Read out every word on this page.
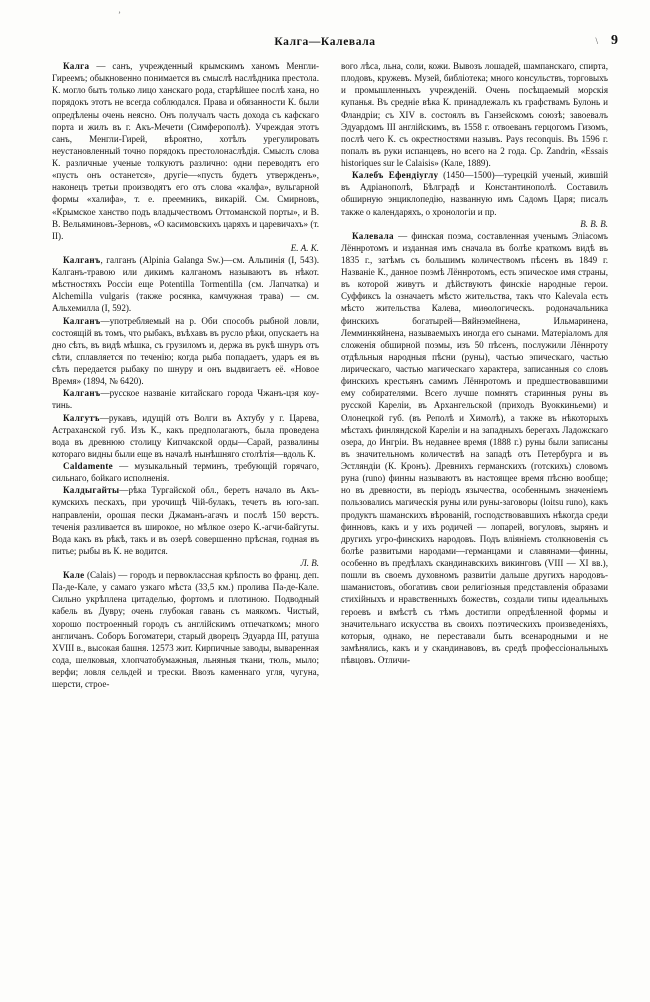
ʼ
Калга—Калевала	\ 9

Калга — санъ, учрежденный крымскимъ ханомъ Менгли-Гиреемъ; обыкновенно понимается въ смыслѣ наслѣдника престола. К. могло быть только лицо ханскаго рода, старѣйшее послѣ хана, но порядокъ этотъ не всегда соблюдался. Права и обязанности К. были опредѣлены очень неясно. Онъ получалъ часть дохода съ кафскаго порта и жилъ въ г. Акъ-Мечети (Симферополѣ). Учреждая этотъ санъ, Менгли-Гирей, вѣроятно, хотѣлъ урегулировать неустановленный точно порядокъ престолонаслѣдія. Смыслъ слова К. различные ученые толкуютъ различно: одни переводятъ его «пусть онъ останется», другіе—«пусть будетъ утвержденъ», наконецъ третьи производятъ его отъ слова «калфа», вульгарной формы «халифа», т. е. преемникъ, викарій. См. Смирновъ, «Крымское ханство подъ владычествомъ Оттоманской порты», и В. В. Вельяминовъ-Зерновъ, «О касимовскихъ царяхъ и царевичахъ» (т. II).

Е. А. К.

Калганъ, галганъ (Alpinia Galanga Sw.)—см. Альпинія (I, 543). Калганъ-травою или дикимъ калганомъ называютъ въ нѣкот. мѣстностяхъ Россіи еще Potentilla Tormentilla (см. Лапчатка) и Alchemilla vulgaris (также росянка, камчужная трава) — см. Альхемилла (I, 592).

Калганъ—употребляемый на р. Оби способъ рыбной ловли, состоящій въ томъ, что рыбакъ, въѣхавъ въ русло рѣки, опускаетъ на дно сѣть, въ видѣ мѣшка, съ грузиломъ и, держа въ рукѣ шнуръ отъ сѣти, сплавляется по теченію; когда рыба попадаетъ, ударъ ея въ сѣть передается рыбаку по шнуру и онъ выдвигаетъ её. «Новое Время» (1894, № 6420).

Калганъ—русское названіе китайскаго города Чжанъ-цзя коу-тинь.

Калгутъ—рукавъ, идущій отъ Волги въ Ахтубу у г. Царева, Астраханской губ. Изъ К., какъ предполагаютъ, была проведена вода въ древнюю столицу Кипчакской орды—Сарай, развалины котораго видны были еще въ началѣ нынѣшняго столѣтія—вдоль К.

Caldamente — музыкальный терминъ, требующій горячаго, сильнаго, бойкаго исполненія.

Калдыгайты—рѣка Тургайской обл., беретъ начало въ Акъ-кумскихъ пескахъ, при урочищѣ Чій-булакъ, течетъ въ юго-зап. направленіи, орошая пески Джаманъ-агачъ и послѣ 150 верстъ. теченія разливается въ широкое, но мѣлкое озеро К.-агчи-байгуты. Вода какъ въ рѣкѣ, такъ и въ озерѣ совершенно прѣсная, годная въ питье; рыбы въ К. не водится.

Л. В.

Кале (Calais) — городъ и первоклассная крѣпость во франц. деп. Па-де-Кале, у самаго узкаго мѣста (33,5 км.) пролива Па-де-Кале. Сильно укрѣплена цитаделью, фортомъ и плотиною. Подводный кабель въ Дувру; очень глубокая гавань съ маякомъ. Чистый, хорошо построенный городъ съ англійскимъ отпечаткомъ; много англичанъ. Соборъ Богоматери, старый дворецъ Эдуарда III, ратуша XVIII в., высокая башня. 12573 жит. Кирпичные заводы, вываренная сода, шелковыя, хлопчатобумажныя, льняныя ткани, тюль, мыло; верфи; ловля сельдей и трески. Ввозъ каменнаго угля, чугуна, шерсти, строе-

вого лѣса, льна, соли, кожи. Вывозъ лошадей, шампанскаго, спирта, плодовъ, кружевъ. Музей, библіотека; много консульствъ, торговыхъ и промышленныхъ учрежденій. Очень посѣщаемый морскія купанья. Въ средніе вѣка К. принадлежалъ къ графствамъ Булонь и Фландріи; съ XIV в. состоялъ въ Ганзейскомъ союзѣ; завоевалъ Эдуардомъ III англійскимъ, въ 1558 г. отвоеванъ герцогомъ Гизомъ, послѣ чего К. съ окрестностями назывъ. Pays reconquis. Въ 1596 г. попалъ въ руки испанцевъ, но всего на 2 года. Ср. Zandrin, «Essais historiques sur le Calaisis» (Кале, 1889).

Калебъ Ефендіуглу (1450—1500)—турецкій ученый, жившій въ Адріанополѣ, Бѣлградѣ и Константинополѣ. Составилъ обширную энциклопедію, названную имъ Садомъ Царя; писалъ также о календаряхъ, о хронологіи и пр.

В. В. В.

Калевала — финская поэма, составленная ученымъ Эліасомъ Лённротомъ и изданная имъ сначала въ болѣе краткомъ видѣ въ 1835 г., затѣмъ съ большимъ количествомъ пѣсенъ въ 1849 г. Названіе К., данное поэмѣ Лённротомъ, есть эпическое имя страны, въ которой живутъ и дѣйствуютъ финскіе народные герои. Суффиксъ la означаетъ мѣсто жительства, такъ что Kalevala есть мѣсто жительства Калева, миѳологическъ. родоначальника финскихъ богатырей—Вяйнэмейнена, Ильмаринена, Лемминкяйнена, называемыхъ иногда его сынами. Матеріаломъ для сложенія обширной поэмы, изъ 50 пѣсенъ, послужили Лённроту отдѣльныя народныя пѣсни (руны), частью эпическаго, частью лирическаго, частью магическаго характера, записанныя со словъ финскихъ крестьянъ самимъ Лённротомъ и предшествовавшими ему собирателями. Всего лучше помнятъ старинныя руны въ русской Кареліи, въ Архангельской (приходъ Вуоккиньеми) и Олонецкой губ. (въ Реполѣ и Химолѣ), а также въ нѣкоторыхъ мѣстахъ финляндской Кареліи и на западныхъ берегахъ Ладожскаго озера, до Ингріи. Въ недавнее время (1888 г.) руны были записаны въ значительномъ количествѣ на западѣ отъ Петербурга и въ Эстляндіи (К. Кронъ). Древнихъ германскихъ (готскихъ) словомъ руна (runo) финны называютъ въ настоящее время пѣсню вообще; но въ древности, въ періодъ язычества, особеннымъ значеніемъ пользовались магическія руны или руны-заговоры (loitsu runo), какъ продуктъ шаманскихъ вѣрованій, господствовавшихъ нѣкогда среди финновъ, какъ и у ихъ родичей — лопарей, вогуловъ, зырянъ и другихъ угро-финскихъ народовъ. Подъ вліяніемъ столкновенія съ болѣе развитыми народами—германцами и славянами—финны, особенно въ предѣлахъ скандинавскихъ викинговъ (VIII — XI вв.), пошли въ своемъ духовномъ развитіи дальше другихъ народовъ-шаманистовъ, обогативъ свои религіозныя представленія образами стихійныхъ и нравственныхъ божествъ, создали типы идеальныхъ героевъ и вмѣстѣ съ тѣмъ достигли опредѣленной формы и значительнаго искусства въ своихъ поэтическихъ произведеніяхъ, которыя, однако, не переставали быть всенародными и не замѣнялись, какъ и у скандинавовъ, въ средѣ профессіональныхъ пѣвцовъ. Отличи-
